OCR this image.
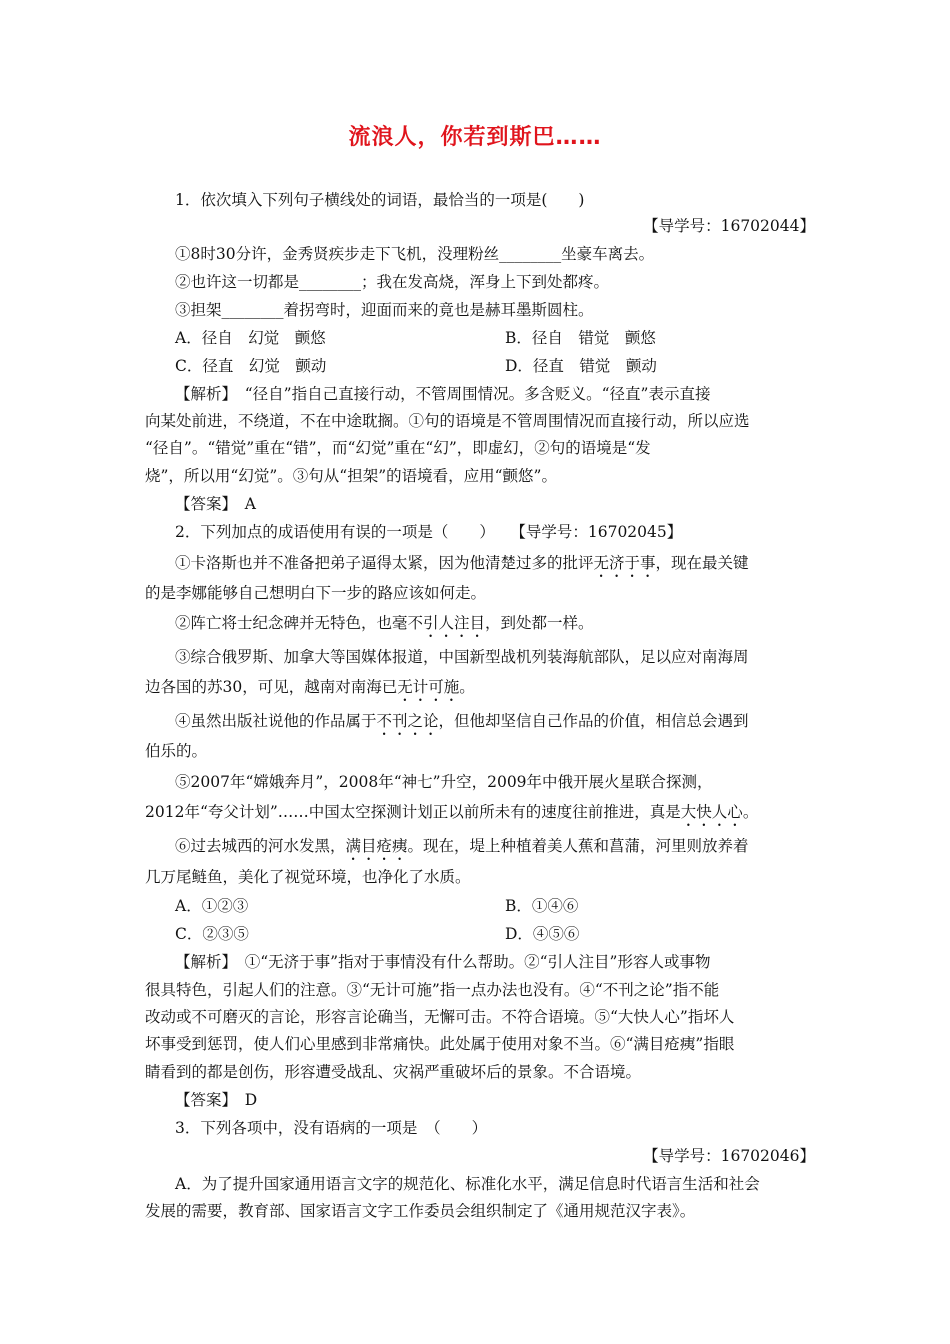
流浪人，你若到斯巴……
1．依次填入下列句子横线处的词语，最恰当的一项是(　　)
【导学号：16702044】
①8时30分许，金秀贤疾步走下飞机，没理粉丝________坐豪车离去。
②也许这一切都是________；我在发高烧，浑身上下到处都疼。
③担架________着拐弯时，迎面而来的竟也是赫耳墨斯圆柱。
A．径自　幻觉　颤悠	B．径自　错觉　颤悠
C．径直　幻觉　颤动	D．径直　错觉　颤动
【解析】　“径自”指自己直接行动，不管周围情况。多含贬义。“径直”表示直接
向某处前进，不绕道，不在中途耽搁。①句的语境是不管周围情况而直接行动，所以应选
“径自”。“错觉”重在“错”，而“幻觉”重在“幻”，即虚幻，②句的语境是“发
烧”，所以用“幻觉”。③句从“担架”的语境看，应用“颤悠”。
【答案】　A
2．下列加点的成语使用有误的一项是（　　）　　【导学号：16702045】
①卡洛斯也并不准备把弟子逼得太紧，因为他清楚过多的批评无济于事，现在最关键
的是李娜能够自己想明白下一步的路应该如何走。
②阵亡将士纪念碑并无特色，也毫不引人注目，到处都一样。
③综合俄罗斯、加拿大等国媒体报道，中国新型战机列装海航部队，足以应对南海周
边各国的苏30，可见，越南对南海已无计可施。
④虽然出版社说他的作品属于不刊之论，但他却坚信自己作品的价值，相信总会遇到
伯乐的。
⑤2007年“嫦娥奔月”，2008年“神七”升空，2009年中俄开展火星联合探测，
2012年“夸父计划”……中国太空探测计划正以前所未有的速度往前推进，真是大快人心。
⑥过去城西的河水发黑，满目疮痍。现在，堤上种植着美人蕉和菖蒲，河里则放养着
几万尾鲢鱼，美化了视觉环境，也净化了水质。
A．①②③	B．①④⑥
C．②③⑤	D．④⑤⑥
【解析】　①“无济于事”指对于事情没有什么帮助。②“引人注目”形容人或事物
很具特色，引起人们的注意。③“无计可施”指一点办法也没有。④“不刊之论”指不能
改动或不可磨灭的言论，形容言论确当，无懈可击。不符合语境。⑤“大快人心”指坏人
坏事受到惩罚，使人们心里感到非常痛快。此处属于使用对象不当。⑥“满目疮痍”指眼
睛看到的都是创伤，形容遭受战乱、灾祸严重破坏后的景象。不合语境。
【答案】　D
3．下列各项中，没有语病的一项是　（　　）
【导学号：16702046】
A．为了提升国家通用语言文字的规范化、标准化水平，满足信息时代语言生活和社会
发展的需要，教育部、国家语言文字工作委员会组织制定了《通用规范汉字表》。
